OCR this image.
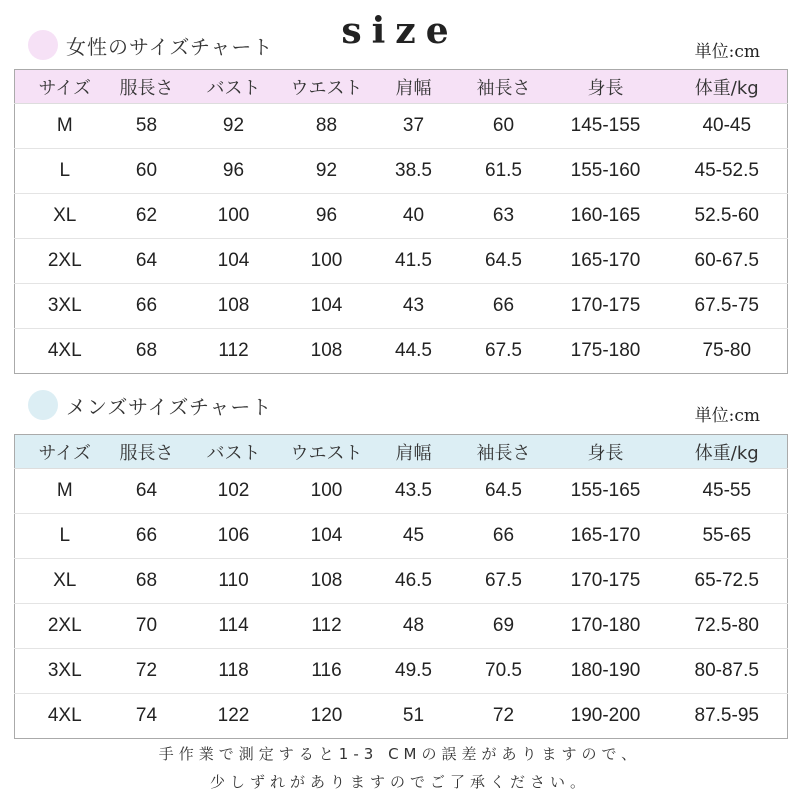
size
女性のサイズチャート	単位:cm
サイズ	服長さ	バスト	ウエスト	肩幅	袖長さ	身長	体重/kg
M	58	92	88	37	60	145-155	40-45
L	60	96	92	38.5	61.5	155-160	45-52.5
XL	62	100	96	40	63	160-165	52.5-60
2XL	64	104	100	41.5	64.5	165-170	60-67.5
3XL	66	108	104	43	66	170-175	67.5-75
4XL	68	112	108	44.5	67.5	175-180	75-80
メンズサイズチャート	単位:cm
サイズ	服長さ	バスト	ウエスト	肩幅	袖長さ	身長	体重/kg
M	64	102	100	43.5	64.5	155-165	45-55
L	66	106	104	45	66	165-170	55-65
XL	68	110	108	46.5	67.5	170-175	65-72.5
2XL	70	114	112	48	69	170-180	72.5-80
3XL	72	118	116	49.5	70.5	180-190	80-87.5
4XL	74	122	120	51	72	190-200	87.5-95
手作業で測定すると1-3 CMの誤差がありますので、
少しずれがありますのでご了承ください。
